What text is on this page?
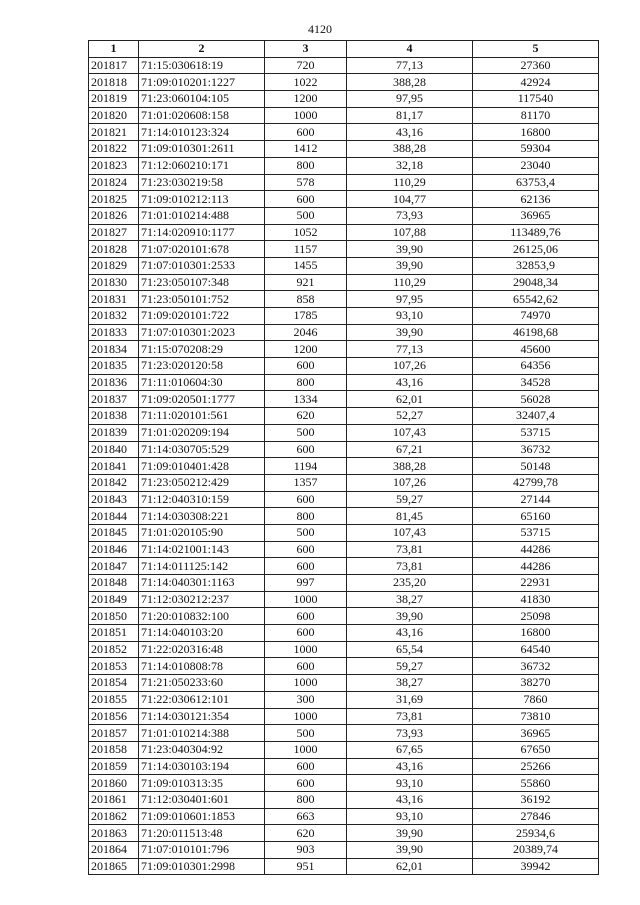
4120
1	2	3	4	5
201817	71:15:030618:19	720	77,13	27360
201818	71:09:010201:1227	1022	388,28	42924
201819	71:23:060104:105	1200	97,95	117540
201820	71:01:020608:158	1000	81,17	81170
201821	71:14:010123:324	600	43,16	16800
201822	71:09:010301:2611	1412	388,28	59304
201823	71:12:060210:171	800	32,18	23040
201824	71:23:030219:58	578	110,29	63753,4
201825	71:09:010212:113	600	104,77	62136
201826	71:01:010214:488	500	73,93	36965
201827	71:14:020910:1177	1052	107,88	113489,76
201828	71:07:020101:678	1157	39,90	26125,06
201829	71:07:010301:2533	1455	39,90	32853,9
201830	71:23:050107:348	921	110,29	29048,34
201831	71:23:050101:752	858	97,95	65542,62
201832	71:09:020101:722	1785	93,10	74970
201833	71:07:010301:2023	2046	39,90	46198,68
201834	71:15:070208:29	1200	77,13	45600
201835	71:23:020120:58	600	107,26	64356
201836	71:11:010604:30	800	43,16	34528
201837	71:09:020501:1777	1334	62,01	56028
201838	71:11:020101:561	620	52,27	32407,4
201839	71:01:020209:194	500	107,43	53715
201840	71:14:030705:529	600	67,21	36732
201841	71:09:010401:428	1194	388,28	50148
201842	71:23:050212:429	1357	107,26	42799,78
201843	71:12:040310:159	600	59,27	27144
201844	71:14:030308:221	800	81,45	65160
201845	71:01:020105:90	500	107,43	53715
201846	71:14:021001:143	600	73,81	44286
201847	71:14:011125:142	600	73,81	44286
201848	71:14:040301:1163	997	235,20	22931
201849	71:12:030212:237	1000	38,27	41830
201850	71:20:010832:100	600	39,90	25098
201851	71:14:040103:20	600	43,16	16800
201852	71:22:020316:48	1000	65,54	64540
201853	71:14:010808:78	600	59,27	36732
201854	71:21:050233:60	1000	38,27	38270
201855	71:22:030612:101	300	31,69	7860
201856	71:14:030121:354	1000	73,81	73810
201857	71:01:010214:388	500	73,93	36965
201858	71:23:040304:92	1000	67,65	67650
201859	71:14:030103:194	600	43,16	25266
201860	71:09:010313:35	600	93,10	55860
201861	71:12:030401:601	800	43,16	36192
201862	71:09:010601:1853	663	93,10	27846
201863	71:20:011513:48	620	39,90	25934,6
201864	71:07:010101:796	903	39,90	20389,74
201865	71:09:010301:2998	951	62,01	39942
